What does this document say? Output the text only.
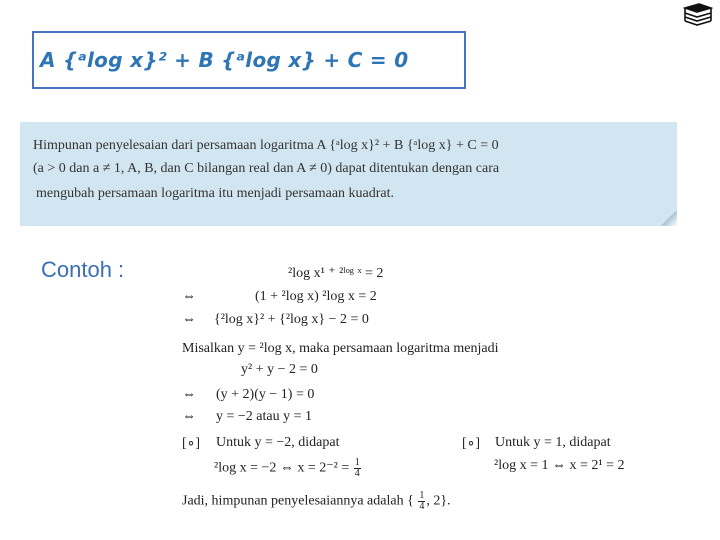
A {ᵃlog x}² + B {ᵃlog x} + C = 0
Himpunan penyelesaian dari persamaan logaritma A {ᵃlog x}² + B {ᵃlog x} + C = 0
(a > 0 dan a ≠ 1, A, B, dan C bilangan real dan A ≠ 0) dapat ditentukan dengan cara
mengubah persamaan logaritma itu menjadi persamaan kuadrat.
Contoh :	²log x¹ ⁺ ²ˡᵒᵍ ˣ = 2
⇔	(1 + ²log x) ²log x = 2
⇔ {²log x}² + {²log x} − 2 = 0
Misalkan y = ²log x, maka persamaan logaritma menjadi
y² + y − 2 = 0
⇔ (y + 2)(y − 1) = 0
⇔ y = −2 atau y = 1
[∘] Untuk y = −2, didapat
²log x = −2 ⇔ $x = 2^{-2} = \frac{1}{4}$
[∘] Untuk y = 1, didapat
²log x = 1 ⇔ x = 2¹ = 2
Jadi, himpunan penyelesaiannya adalah { $\frac{1}{4}$ , 2}.
